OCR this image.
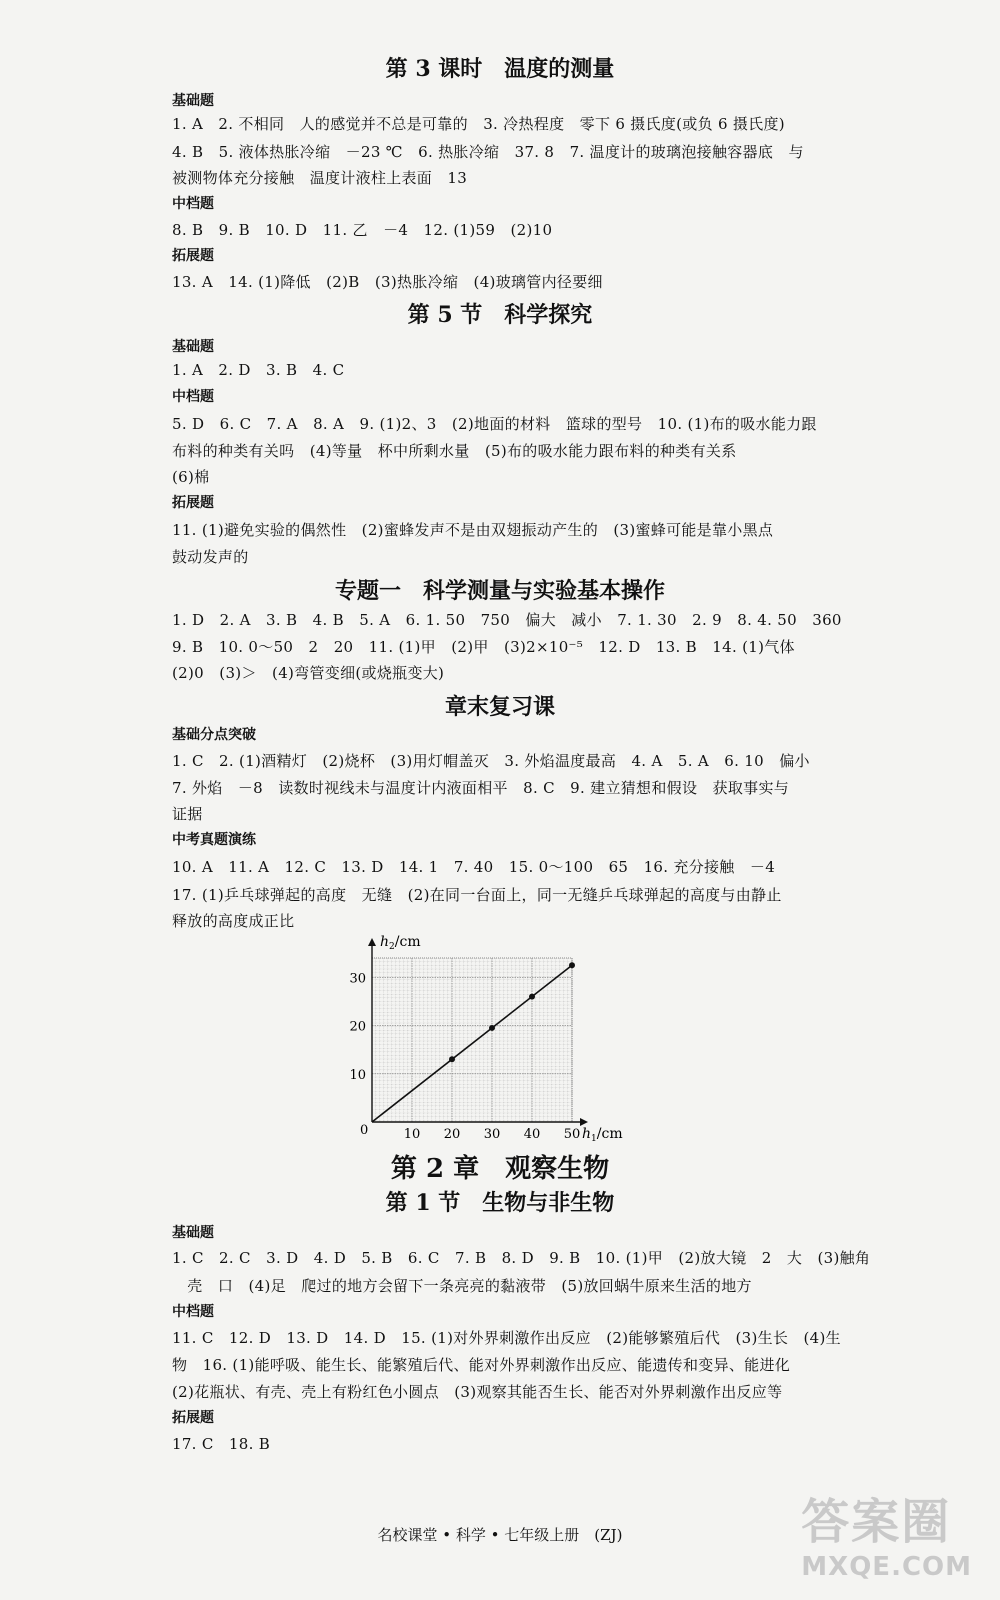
第 3 课时　温度的测量
基础题
1. A　2. 不相同　人的感觉并不总是可靠的　3. 冷热程度　零下 6 摄氏度(或负 6 摄氏度)
4. B　5. 液体热胀冷缩　－23 ℃　6. 热胀冷缩　37. 8　7. 温度计的玻璃泡接触容器底　与
被测物体充分接触　温度计液柱上表面　13
中档题
8. B　9. B　10. D　11. 乙　－4　12. (1)59　(2)10
拓展题
13. A　14. (1)降低　(2)B　(3)热胀冷缩　(4)玻璃管内径要细
第 5 节　科学探究
基础题
1. A　2. D　3. B　4. C
中档题
5. D　6. C　7. A　8. A　9. (1)2、3　(2)地面的材料　篮球的型号　10. (1)布的吸水能力跟
布料的种类有关吗　(4)等量　杯中所剩水量　(5)布的吸水能力跟布料的种类有关系
(6)棉
拓展题
11. (1)避免实验的偶然性　(2)蜜蜂发声不是由双翅振动产生的　(3)蜜蜂可能是靠小黑点
鼓动发声的
专题一　科学测量与实验基本操作
1. D　2. A　3. B　4. B　5. A　6. 1. 50　750　偏大　减小　7. 1. 30　2. 9　8. 4. 50　360
9. B　10. 0～50　2　20　11. (1)甲　(2)甲　(3)2×10⁻⁵　12. D　13. B　14. (1)气体
(2)0　(3)＞　(4)弯管变细(或烧瓶变大)
章末复习课
基础分点突破
1. C　2. (1)酒精灯　(2)烧杯　(3)用灯帽盖灭　3. 外焰温度最高　4. A　5. A　6. 10　偏小
7. 外焰　－8　读数时视线未与温度计内液面相平　8. C　9. 建立猜想和假设　获取事实与
证据
中考真题演练
10. A　11. A　12. C　13. D　14. 1　7. 40　15. 0～100　65　16. 充分接触　－4
17. (1)乒乓球弹起的高度　无缝　(2)在同一台面上，同一无缝乒乓球弹起的高度与由静止
释放的高度成正比
0
$h_2/cm$
$h_1/cm$
10 20 30 40 50
10
20
30
第 2 章　观察生物
第 1 节　生物与非生物
基础题
1. C　2. C　3. D　4. D　5. B　6. C　7. B　8. D　9. B　10. (1)甲　(2)放大镜　2　大　(3)触角
　壳　口　(4)足　爬过的地方会留下一条亮亮的黏液带　(5)放回蜗牛原来生活的地方
中档题
11. C　12. D　13. D　14. D　15. (1)对外界刺激作出反应　(2)能够繁殖后代　(3)生长　(4)生
物　16. (1)能呼吸、能生长、能繁殖后代、能对外界刺激作出反应、能遗传和变异、能进化
(2)花瓶状、有壳、壳上有粉红色小圆点　(3)观察其能否生长、能否对外界刺激作出反应等
拓展题
17. C　18. B
名校课堂 • 科学 • 七年级上册　(ZJ)	答案圈
MXQE.COM
